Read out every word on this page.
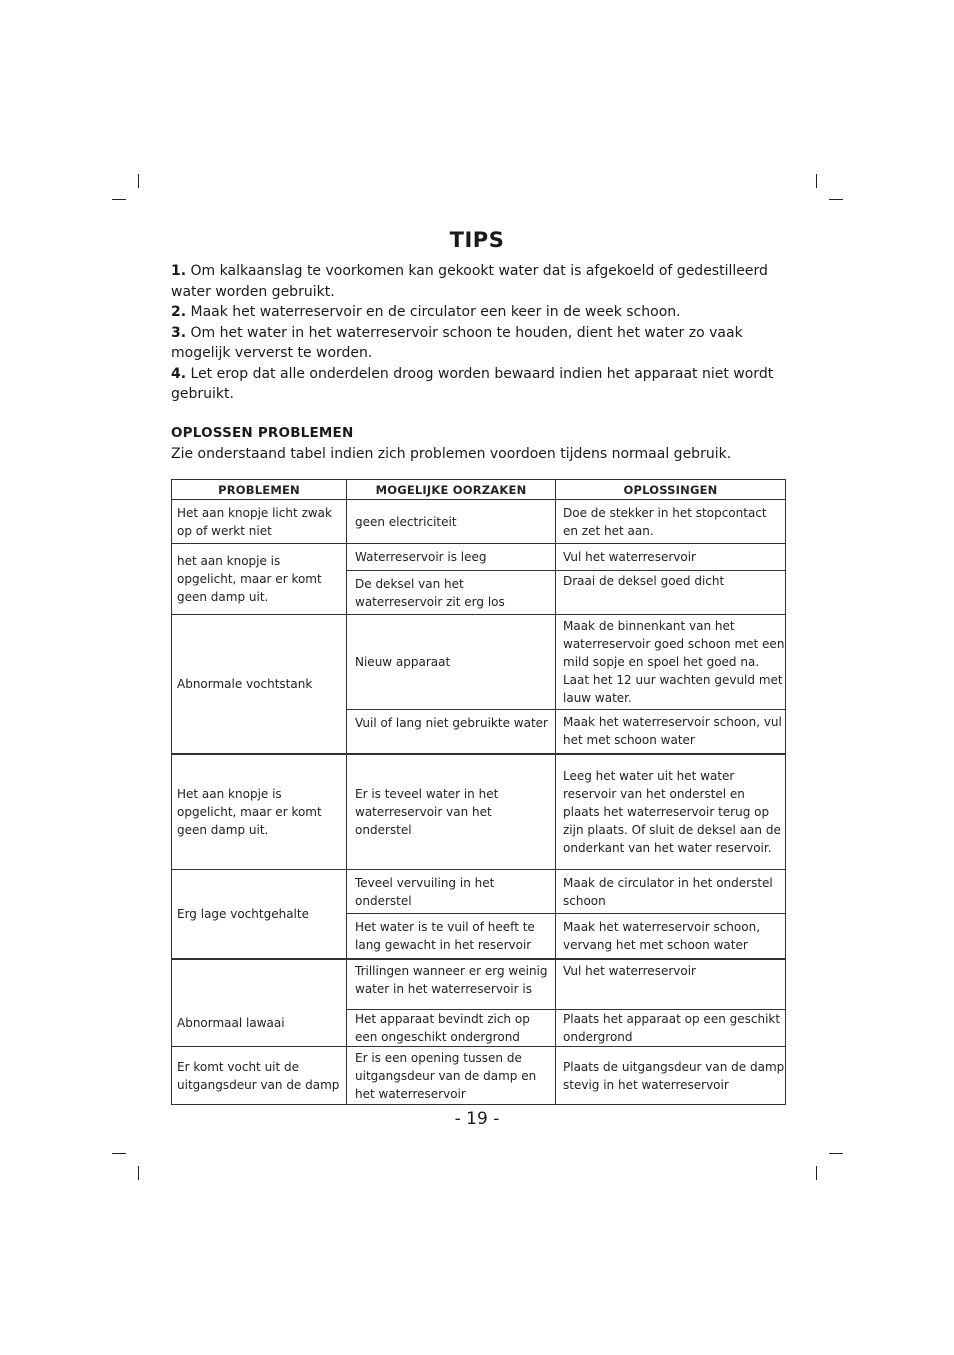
TIPS

1. Om kalkaanslag te voorkomen kan gekookt water dat is afgekoeld of gedestilleerd water worden gebruikt.

2. Maak het waterreservoir en de circulator een keer in de week schoon.

3. Om het water in het waterreservoir schoon te houden, dient het water zo vaak mogelijk ververst te worden.

4. Let erop dat alle onderdelen droog worden bewaard indien het apparaat niet wordt gebruikt.

OPLOSSEN PROBLEMEN
Zie onderstaand tabel indien zich problemen voordoen tijdens normaal gebruik.
PROBLEMEN	MOGELIJKE OORZAKEN	OPLOSSINGEN
Het aan knopje licht zwak op of werkt niet	geen electriciteit	Doe de stekker in het stopcontact en zet het aan.
het aan knopje is opgelicht, maar er komt geen damp uit.	Waterreservoir is leeg	Vul het waterreservoir
	De deksel van het waterreservoir zit erg los	Draai de deksel goed dicht
Abnormale vochtstank	Nieuw apparaat	Maak de binnenkant van het waterreservoir goed schoon met een mild sopje en spoel het goed na. Laat het 12 uur wachten gevuld met lauw water.
	Vuil of lang niet gebruikte water	Maak het waterreservoir schoon, vul het met schoon water
Het aan knopje is opgelicht, maar er komt geen damp uit.	Er is teveel water in het waterreservoir van het onderstel	Leeg het water uit het water reservoir van het onderstel en plaats het waterreservoir terug op zijn plaats. Of sluit de deksel aan de onderkant van het water reservoir.
Erg lage vochtgehalte	Teveel vervuiling in het onderstel	Maak de circulator in het onderstel schoon
	Het water is te vuil of heeft te lang gewacht in het reservoir	Maak het waterreservoir schoon, vervang het met schoon water
Abnormaal lawaai	Trillingen wanneer er erg weinig water in het waterreservoir is	Vul het waterreservoir
	Het apparaat bevindt zich op een ongeschikt ondergrond	Plaats het apparaat op een geschikt ondergrond
Er komt vocht uit de uitgangsdeur van de damp	Er is een opening tussen de uitgangsdeur van de damp en het waterreservoir	Plaats de uitgangsdeur van de damp stevig in het waterreservoir
- 19 -
